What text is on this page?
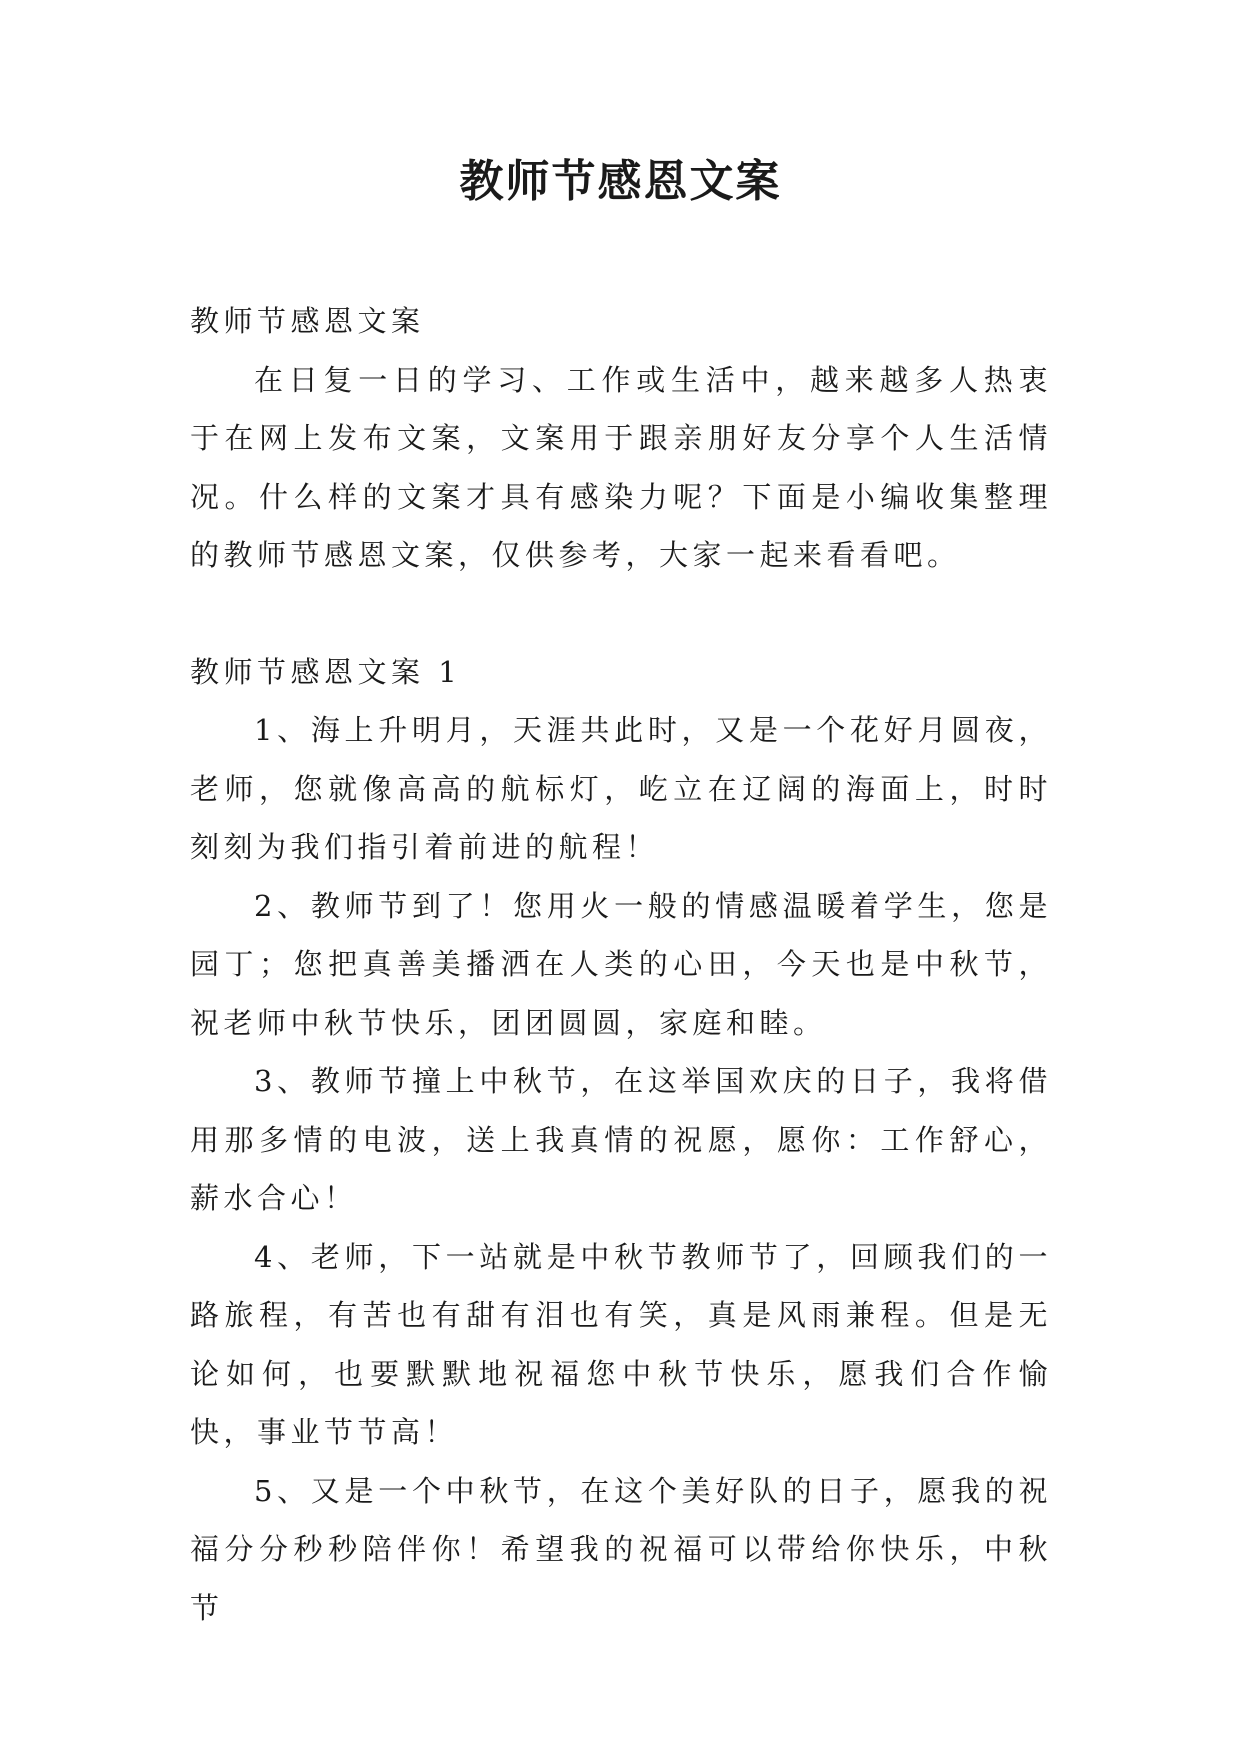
教师节感恩文案

教师节感恩文案

在日复一日的学习、工作或生活中，越来越多人热衷于在网上发布文案，文案用于跟亲朋好友分享个人生活情况。什么样的文案才具有感染力呢？下面是小编收集整理的教师节感恩文案，仅供参考，大家一起来看看吧。

教师节感恩文案 1

1、海上升明月，天涯共此时，又是一个花好月圆夜，老师，您就像高高的航标灯，屹立在辽阔的海面上，时时刻刻为我们指引着前进的航程！

2、教师节到了！您用火一般的情感温暖着学生，您是园丁；您把真善美播洒在人类的心田，今天也是中秋节，祝老师中秋节快乐，团团圆圆，家庭和睦。

3、教师节撞上中秋节，在这举国欢庆的日子，我将借用那多情的电波，送上我真情的祝愿，愿你：工作舒心，薪水合心！

4、老师，下一站就是中秋节教师节了，回顾我们的一路旅程，有苦也有甜有泪也有笑，真是风雨兼程。但是无论如何，也要默默地祝福您中秋节快乐，愿我们合作愉快，事业节节高！

5、又是一个中秋节，在这个美好队的日子，愿我的祝福分分秒秒陪伴你！希望我的祝福可以带给你快乐，中秋节
